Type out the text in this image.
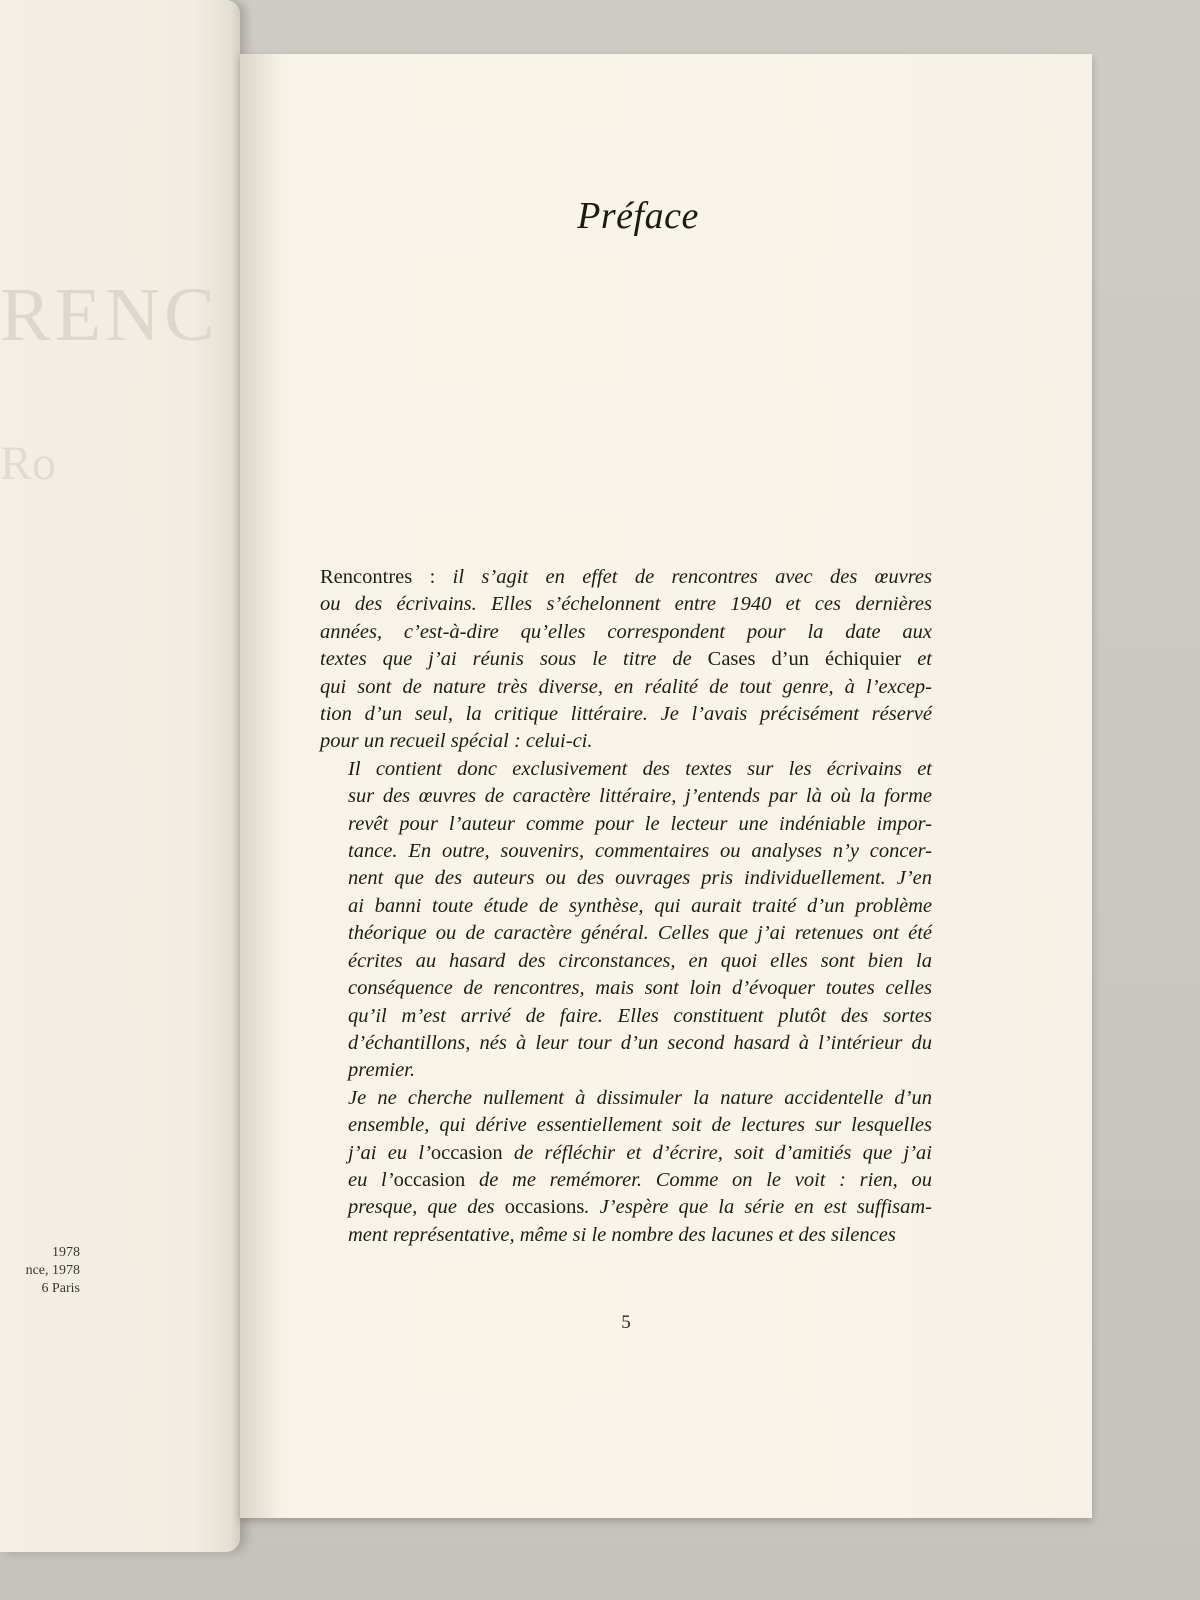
RENC
Ro
1978
nce, 1978
6 Paris
Préface

Rencontres : il s’agit en effet de rencontres avec des œuvres
ou des écrivains. Elles s’échelonnent entre 1940 et ces dernières
années, c’est-à-dire qu’elles correspondent pour la date aux
textes que j’ai réunis sous le titre de Cases d’un échiquier et
qui sont de nature très diverse, en réalité de tout genre, à l’excep-
tion d’un seul, la critique littéraire. Je l’avais précisément réservé
pour un recueil spécial : celui-ci.

Il contient donc exclusivement des textes sur les écrivains et
sur des œuvres de caractère littéraire, j’entends par là où la forme
revêt pour l’auteur comme pour le lecteur une indéniable impor-
tance. En outre, souvenirs, commentaires ou analyses n’y concer-
nent que des auteurs ou des ouvrages pris individuellement. J’en
ai banni toute étude de synthèse, qui aurait traité d’un problème
théorique ou de caractère général. Celles que j’ai retenues ont été
écrites au hasard des circonstances, en quoi elles sont bien la
conséquence de rencontres, mais sont loin d’évoquer toutes celles
qu’il m’est arrivé de faire. Elles constituent plutôt des sortes
d’échantillons, nés à leur tour d’un second hasard à l’intérieur du
premier.

Je ne cherche nullement à dissimuler la nature accidentelle d’un
ensemble, qui dérive essentiellement soit de lectures sur lesquelles
j’ai eu l’occasion de réfléchir et d’écrire, soit d’amitiés que j’ai
eu l’occasion de me remémorer. Comme on le voit : rien, ou
presque, que des occasions. J’espère que la série en est suffisam-
ment représentative, même si le nombre des lacunes et des silences

5
